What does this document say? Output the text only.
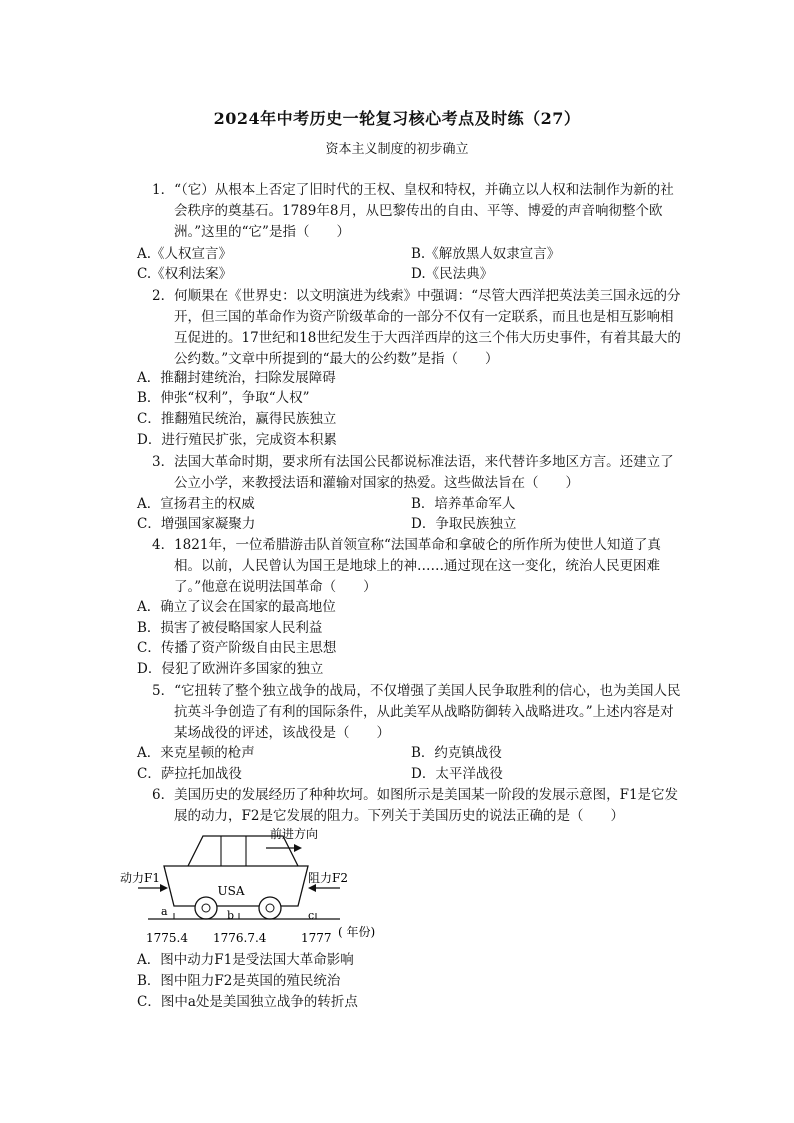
2024年中考历史一轮复习核心考点及时练（27）
资本主义制度的初步确立
1．“（它）从根本上否定了旧时代的王权、皇权和特权，并确立以人权和法制作为新的社会秩序的奠基石。1789年8月，从巴黎传出的自由、平等、博爱的声音响彻整个欧洲。”这里的“它”是指（　　）
A.《人权宣言》	B.《解放黑人奴隶宣言》
C.《权利法案》	D.《民法典》
2．何顺果在《世界史：以文明演进为线索》中强调：“尽管大西洋把英法美三国永远的分开，但三国的革命作为资产阶级革命的一部分不仅有一定联系，而且也是相互影响相互促进的。17世纪和18世纪发生于大西洋西岸的这三个伟大历史事件，有着其最大的公约数。”文章中所提到的“最大的公约数”是指（　　）
A．推翻封建统治，扫除发展障碍
B．伸张“权利”，争取“人权”
C．推翻殖民统治，赢得民族独立
D．进行殖民扩张，完成资本积累
3．法国大革命时期，要求所有法国公民都说标准法语，来代替许多地区方言。还建立了公立小学，来教授法语和灌输对国家的热爱。这些做法旨在（　　）
A．宣扬君主的权威	B．培养革命军人
C．增强国家凝聚力	D．争取民族独立
4．1821年，一位希腊游击队首领宣称“法国革命和拿破仑的所作所为使世人知道了真相。以前，人民曾认为国王是地球上的神……通过现在这一变化，统治人民更困难了。”他意在说明法国革命（　　）
A．确立了议会在国家的最高地位
B．损害了被侵略国家人民利益
C．传播了资产阶级自由民主思想
D．侵犯了欧洲许多国家的独立
5．“它扭转了整个独立战争的战局，不仅增强了美国人民争取胜利的信心，也为美国人民抗英斗争创造了有利的国际条件，从此美军从战略防御转入战略进攻。”上述内容是对某场战役的评述，该战役是（　　）
A．来克星顿的枪声	B．约克镇战役
C．萨拉托加战役	D．太平洋战役
6．美国历史的发展经历了种种坎坷。如图所示是美国某一阶段的发展示意图，F1是它发展的动力，F2是它发展的阻力。下列关于美国历史的说法正确的是（　　）
USA
a	b	c
1775.4 1776.7.4	1777 ( 年份)
前进方向
动力F1	阻力F2
A．图中动力F1是受法国大革命影响
B．图中阻力F2是英国的殖民统治
C．图中a处是美国独立战争的转折点
